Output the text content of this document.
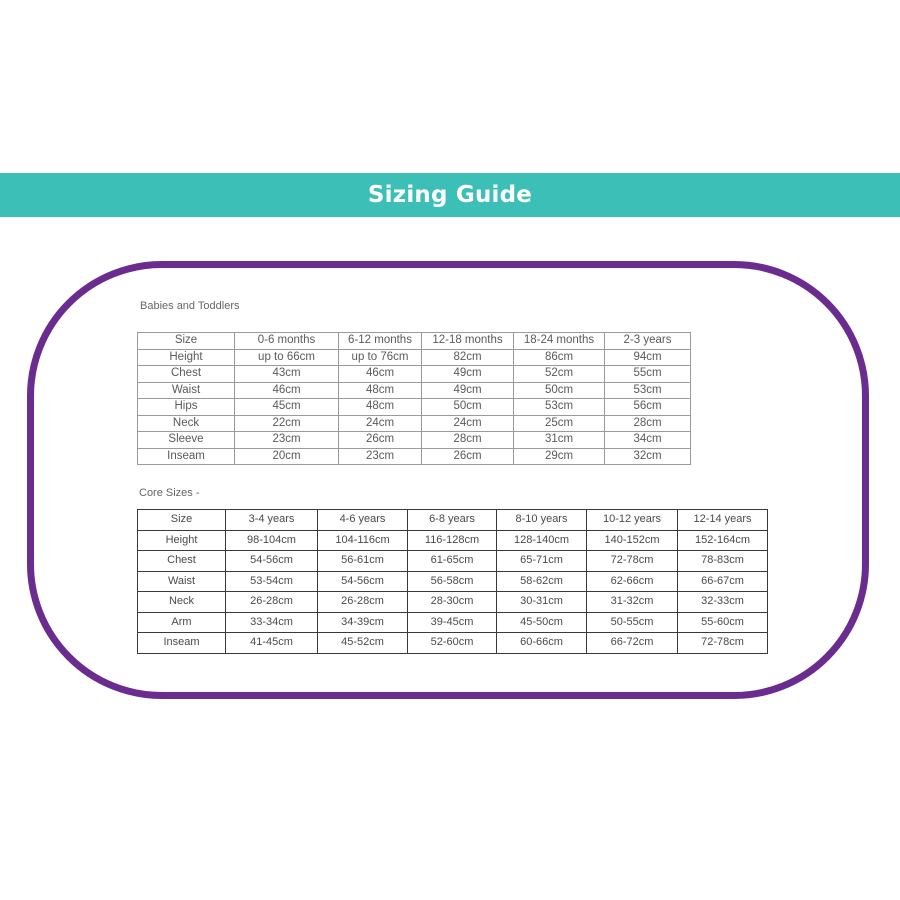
Sizing Guide
Babies and Toddlers
Size	0-6 months	6-12 months	12-18 months	18-24 months	2-3 years
Height	up to 66cm	up to 76cm	82cm	86cm	94cm
Chest	43cm	46cm	49cm	52cm	55cm
Waist	46cm	48cm	49cm	50cm	53cm
Hips	45cm	48cm	50cm	53cm	56cm
Neck	22cm	24cm	24cm	25cm	28cm
Sleeve	23cm	26cm	28cm	31cm	34cm
Inseam	20cm	23cm	26cm	29cm	32cm
Core Sizes -
Size	3-4 years	4-6 years	6-8 years	8-10 years	10-12 years	12-14 years
Height	98-104cm	104-116cm	116-128cm	128-140cm	140-152cm	152-164cm
Chest	54-56cm	56-61cm	61-65cm	65-71cm	72-78cm	78-83cm
Waist	53-54cm	54-56cm	56-58cm	58-62cm	62-66cm	66-67cm
Neck	26-28cm	26-28cm	28-30cm	30-31cm	31-32cm	32-33cm
Arm	33-34cm	34-39cm	39-45cm	45-50cm	50-55cm	55-60cm
Inseam	41-45cm	45-52cm	52-60cm	60-66cm	66-72cm	72-78cm
